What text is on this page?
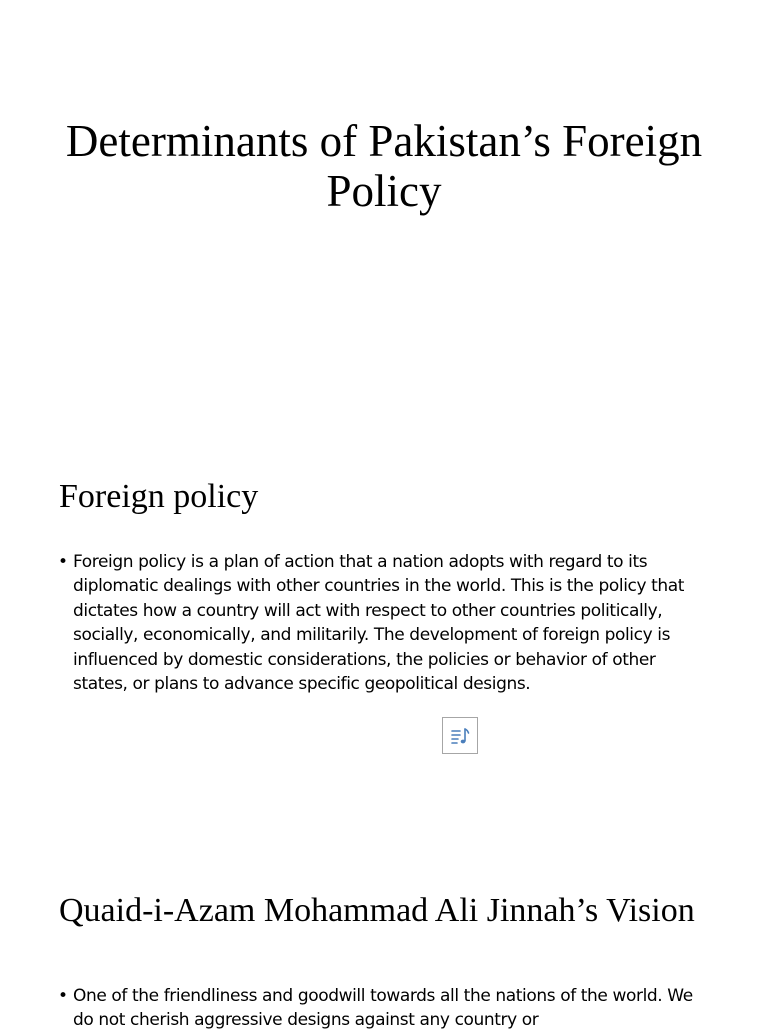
Determinants of Pakistan’s Foreign Policy
Foreign policy
• Foreign policy is a plan of action that a nation adopts with regard to its diplomatic dealings with other countries in the world. This is the policy that dictates how a country will act with respect to other countries politically, socially, economically, and militarily. The development of foreign policy is influenced by domestic considerations, the policies or behavior of other states, or plans to advance specific geopolitical designs.
Quaid-i-Azam Mohammad Ali Jinnah’s Vision
• One of the friendliness and goodwill towards all the nations of the world. We do not cherish aggressive designs against any country or
